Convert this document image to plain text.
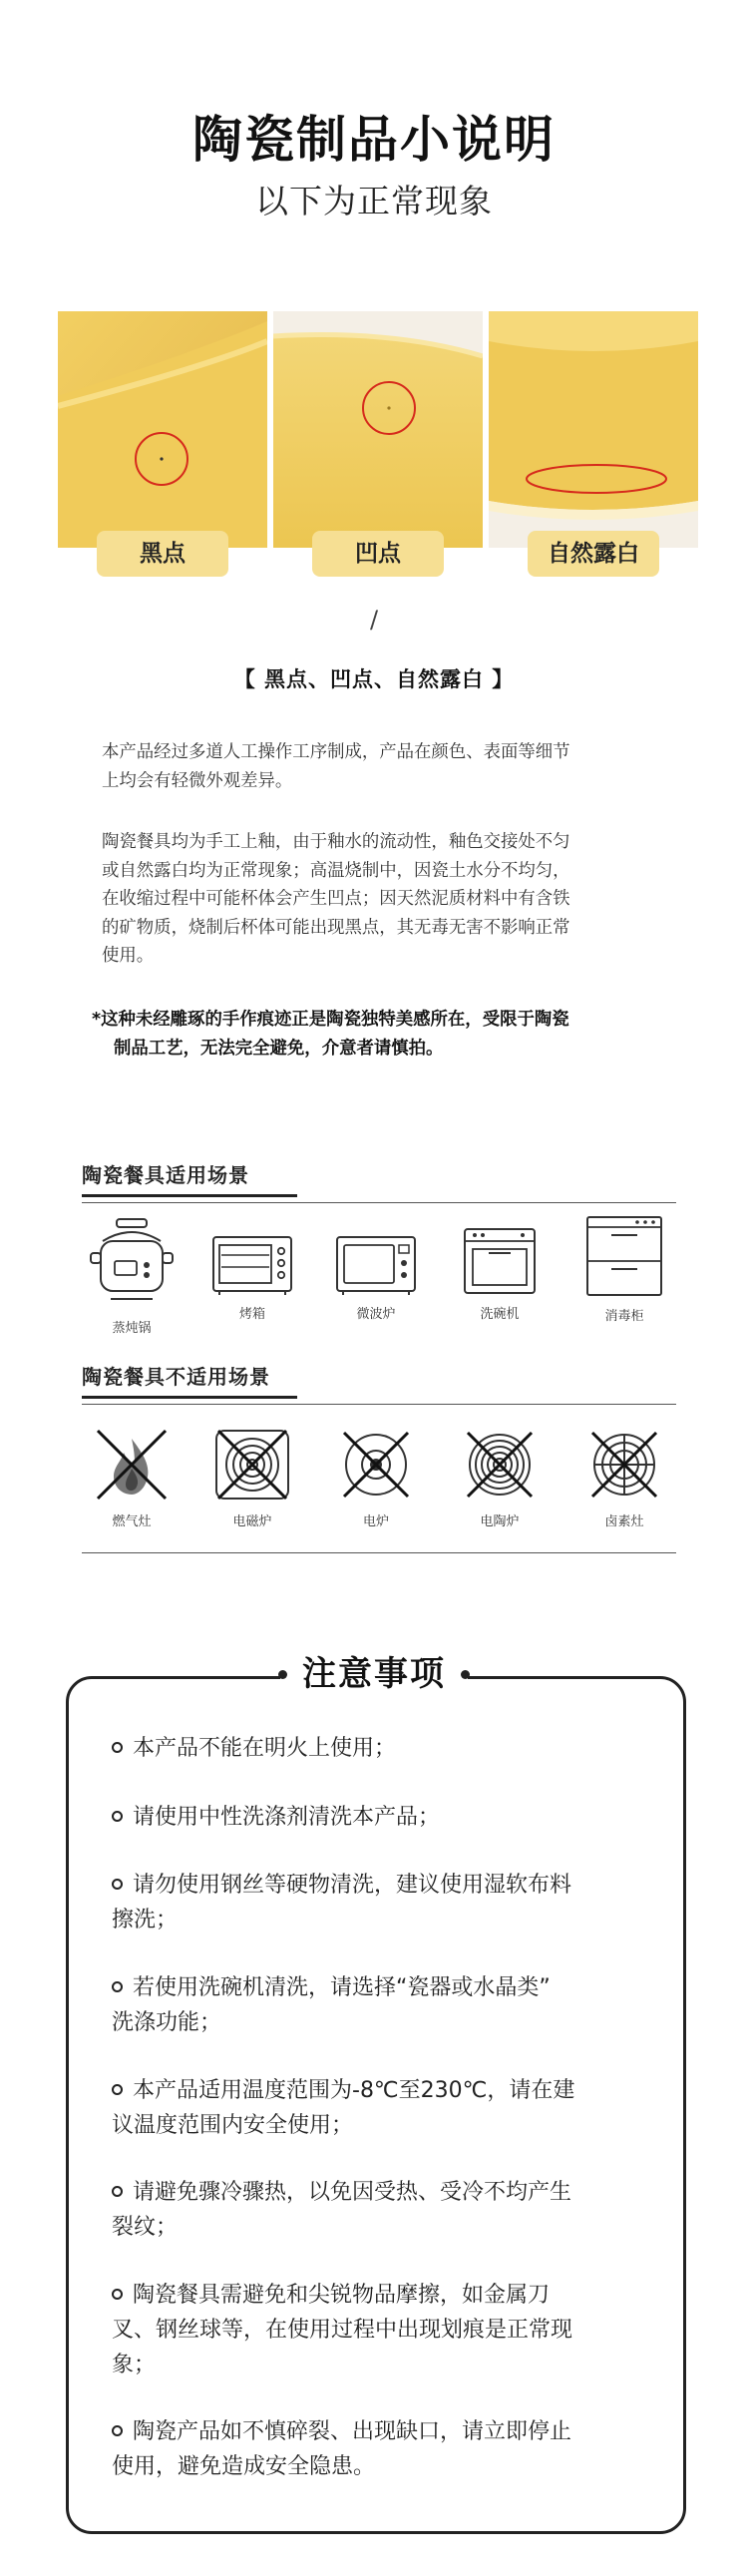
陶瓷制品小说明
以下为正常现象
黑点	凹点	自然露白
/
【 黑点、凹点、自然露白 】
本产品经过多道人工操作工序制成，产品在颜色、表面等细节
上均会有轻微外观差异。
陶瓷餐具均为手工上釉，由于釉水的流动性，釉色交接处不匀
或自然露白均为正常现象；高温烧制中，因瓷土水分不均匀，
在收缩过程中可能杯体会产生凹点；因天然泥质材料中有含铁
的矿物质，烧制后杯体可能出现黑点，其无毒无害不影响正常
使用。
*这种未经雕琢的手作痕迹正是陶瓷独特美感所在，受限于陶瓷
制品工艺，无法完全避免，介意者请慎拍。
陶瓷餐具适用场景
蒸炖锅
烤箱	微波炉	洗碗机	消毒柜
陶瓷餐具不适用场景
燃气灶	电磁炉	电炉	电陶炉	卤素灶
注意事项
本产品不能在明火上使用；
请使用中性洗涤剂清洗本产品；
请勿使用钢丝等硬物清洗，建议使用湿软布料
擦洗；
若使用洗碗机清洗，请选择“瓷器或水晶类”
洗涤功能；
本产品适用温度范围为-8℃至230℃，请在建
议温度范围内安全使用；
请避免骤冷骤热，以免因受热、受冷不均产生
裂纹；
陶瓷餐具需避免和尖锐物品摩擦，如金属刀
叉、钢丝球等，在使用过程中出现划痕是正常现
象；
陶瓷产品如不慎碎裂、出现缺口，请立即停止
使用，避免造成安全隐患。
